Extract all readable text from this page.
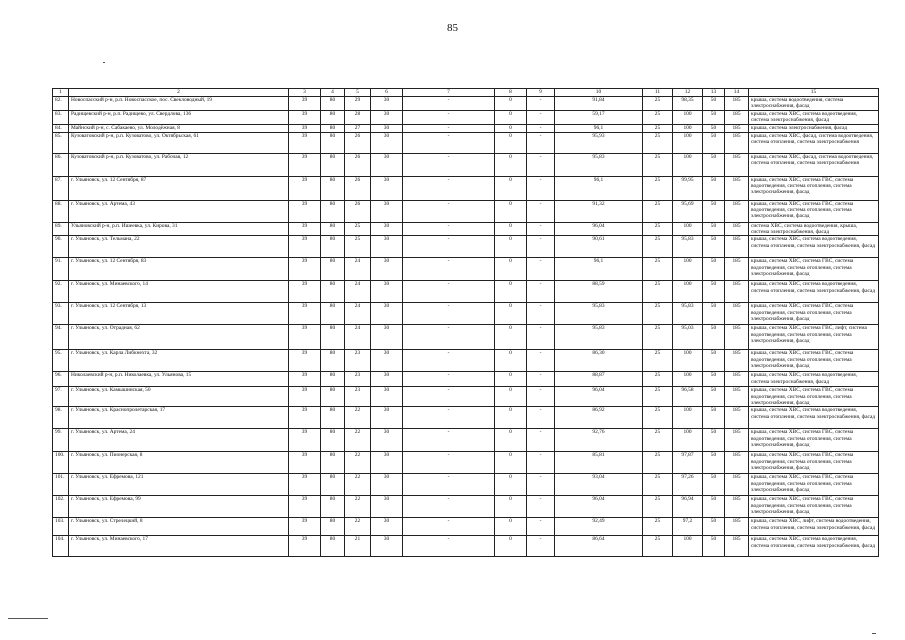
85
1	2	3	4	5	6	7	8	9	10	11	12	13	14	15
82.	Новоспасский р-н, р.п. Новоспасское, пос. Свекловодный, 19	39	80	29	30	-	0	-	91,84	25	98,35	50	185	крыша, система водоотведения, система электроснабжения, фасад
83.	Радищевский р-н, р.п. Радищево, ул. Свердлова, 136	39	80	28	30	-	0	-	59,17	25	100	50	185	крыша, система ХВС, система водоотведения, система электроснабжения, фасад
84.	Майнский р-н, с. Сабакаево, ул. Молодёжная, 8	39	80	27	30	-	0	-	96,1	25	100	50	185	крыша, система электроснабжения, фасад
85.	Кузоватовский р-н, р.п. Кузоватово, ул. Октябрьская, 61	39	80	26	30	-	0	-	95,93	25	100	50	185	крыша, система ХВС, фасад, система водоотведения, система отопления, система электроснабжения
86.	Кузоватовский р-н, р.п. Кузоватово, ул. Рабочая, 12	39	80	26	30	-	0	-	95,83	25	100	50	185	крыша, система ХВС, фасад, система водоотведения, система отопления, система электроснабжения
87.	г. Ульяновск, ул. 12 Сентября, 87	39	80	26	30	-	0	-	96,1	25	99,95	50	185	крыша, система ХВС, система ГВС, система водоотведения, система отопления, система электроснабжения, фасад
88.	г. Ульяновск, ул. Артема, 43	39	80	26	30	-	0	-	91,32	25	95,69	50	185	крыша, система ХВС, система ГВС, система водоотведения, система отопления, система электроснабжения, фасад
89.	Ульяновский р-н, р.п. Ишеевка, ул. Кирова, 31	39	80	25	30	-	0	-	96,04	25	100	50	185	система ХВС, система водоотведения, крыша, система электроснабжения, фасад
90.	г. Ульяновск, ул. Тельмана, 22	39	80	25	30	-	0	-	90,61	25	95,83	50	185	крыша, система ХВС, система водоотведения, система отопления, система электроснабжения, фасад
91.	г. Ульяновск, ул. 12 Сентября, 83	39	80	24	30	-	0	-	96,1	25	100	50	185	крыша, система ХВС, система ГВС, система водоотведения, система отопления, система электроснабжения, фасад
92.	г. Ульяновск, ул. Минаевского, 14	39	80	24	30	-	0	-	88,59	25	100	50	185	крыша, система ХВС, система водоотведения, система отопления, система электроснабжения, фасад
93.	г. Ульяновск, ул. 12 Сентября, 13	39	80	24	30	-	0	-	95,83	25	95,83	50	185	крыша, система ХВС, система ГВС, система водоотведения, система отопления, система электроснабжения, фасад
94.	г. Ульяновск, ул. Отрадная, 62	39	80	24	30	-	0	-	95,83	25	95,03	50	185	крыша, система ХВС, система ГВС, лифт, система водоотведения, система отопления, система электроснабжения, фасад
95.	г. Ульяновск, ул. Карла Либкнехта, 32	39	80	23	30	-	0	-	86,30	25	100	50	185	крыша, система ХВС, система ГВС, система водоотведения, система отопления, система электроснабжения, фасад
96.	Николаевский р-н, р.п. Николаевка, ул. Ульянова, 15	39	80	23	30	-	0	-	88,87	25	100	50	185	крыша, система ХВС, система водоотведения, система электроснабжения, фасад
97.	г. Ульяновск, ул. Камышинская, 50	39	80	23	30	-	0	-	96,04	25	96,58	50	185	крыша, система ХВС, система ГВС, система водоотведения, система отопления, система электроснабжения, фасад
98.	г. Ульяновск, ул. Краснопролетарская, 17	39	80	22	30	-	0	-	86,92	25	100	50	185	крыша, система ХВС, система водоотведения, система отопления, система электроснабжения, фасад
99.	г. Ульяновск, ул. Артема, 24	39	80	22	30	-	0	-	92,76	25	100	50	185	крыша, система ХВС, система ГВС, система водоотведения, система отопления, система электроснабжения, фасад
100.	г. Ульяновск, ул. Пионерская, 8	39	80	22	30	-	0	-	85,81	25	97,87	50	185	крыша, система ХВС, система ГВС, система водоотведения, система отопления, система электроснабжения, фасад
101.	г. Ульяновск, ул. Ефремова, 121	39	80	22	30	-	0	-	93,04	25	97,26	50	185	крыша, система ХВС, система ГВС, система водоотведения, система отопления, система электроснабжения, фасад
102.	г. Ульяновск, ул. Ефремова, 99	39	80	22	30	-	0	-	96,04	25	96,94	50	185	крыша, система ХВС, система ГВС, система водоотведения, система отопления, система электроснабжения, фасад
103.	г. Ульяновск, ул. Стрелецкий, 8	39	80	22	30	-	0	-	92,49	25	97,2	50	185	крыша, система ХВС, лифт, система водоотведения, система отопления, система электроснабжения, фасад
104.	г. Ульяновск, ул. Минаевского, 17	39	80	21	30	-	0	-	86,64	25	100	50	185	крыша, система ХВС, система водоотведения, система отопления, система электроснабжения, фасад
